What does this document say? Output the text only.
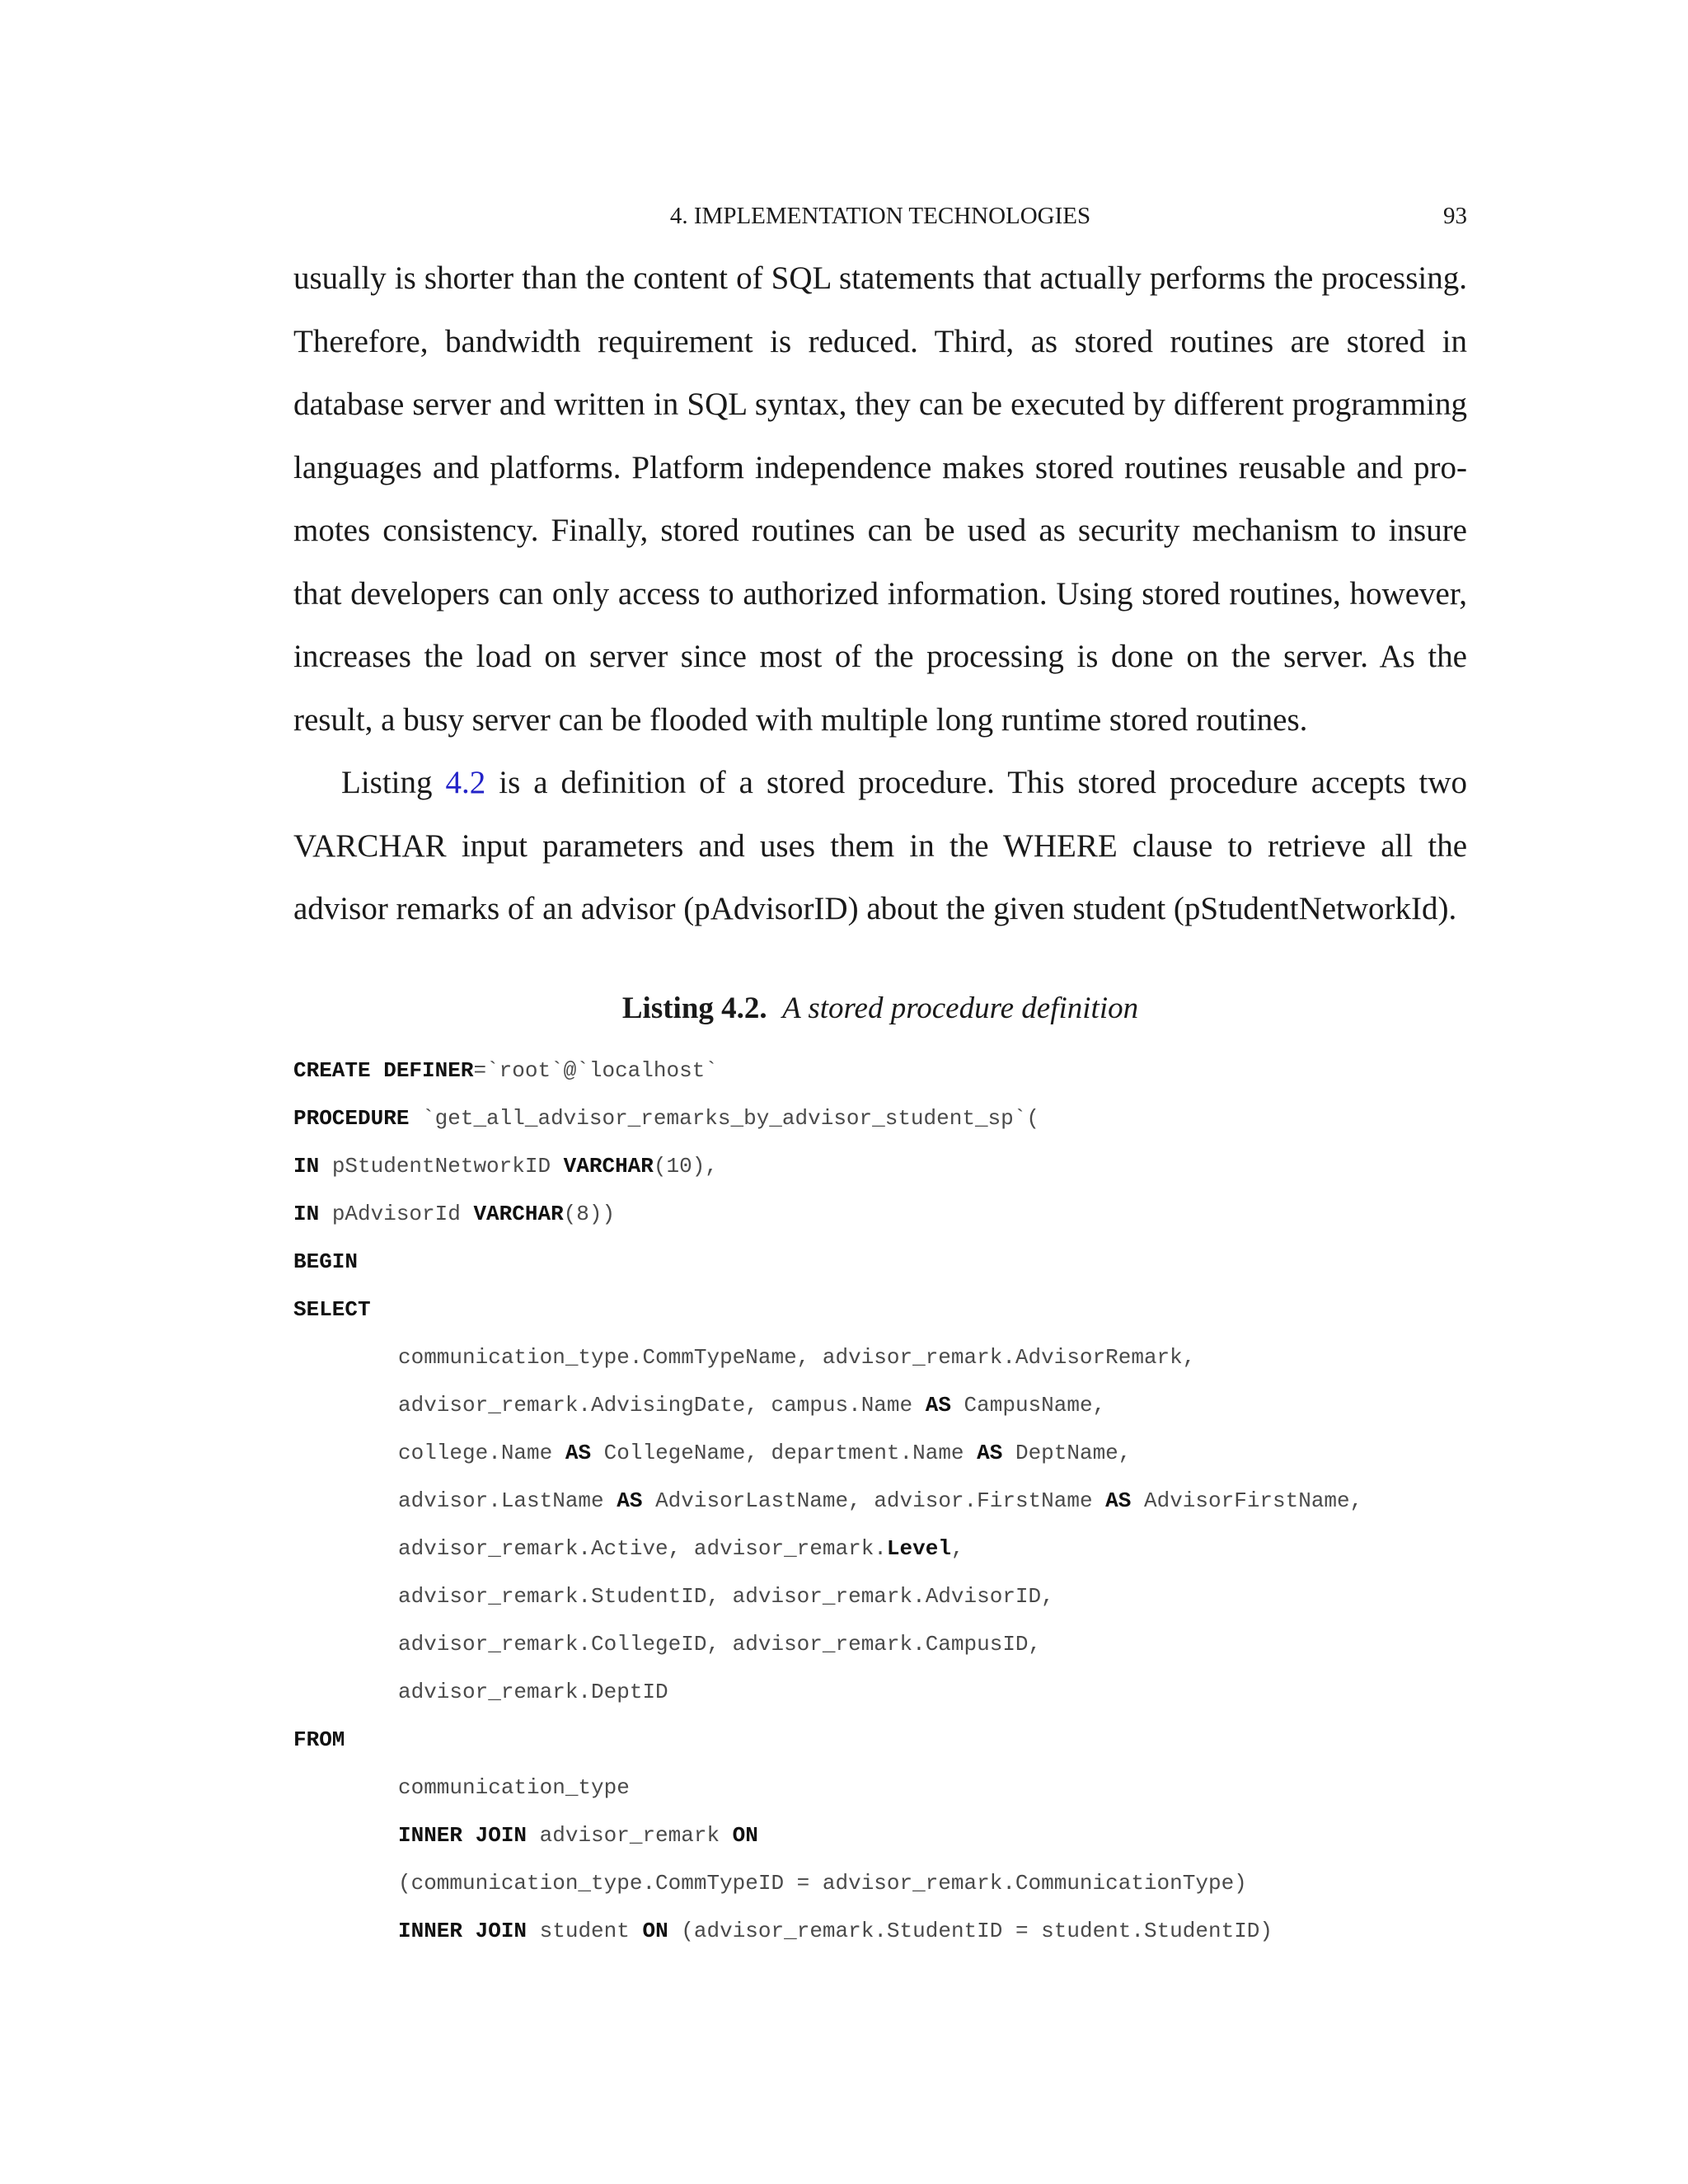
4. IMPLEMENTATION TECHNOLOGIES	93

usually is shorter than the content of SQL statements that actually performs the processing. Therefore, bandwidth requirement is reduced. Third, as stored routines are stored in database server and written in SQL syntax, they can be executed by different programming languages and platforms. Platform independence makes stored routines reusable and promotes consistency. Finally, stored routines can be used as security mechanism to insure that developers can only access to authorized information. Using stored routines, however, increases the load on server since most of the processing is done on the server. As the result, a busy server can be flooded with multiple long runtime stored routines.

Listing 4.2 is a definition of a stored procedure. This stored procedure accepts two VARCHAR input parameters and uses them in the WHERE clause to retrieve all the advisor remarks of an advisor (pAdvisorID) about the given student (pStudentNetworkId).

Listing 4.2. A stored procedure definition
CREATE DEFINER=`root`@`localhost`
PROCEDURE `get_all_advisor_remarks_by_advisor_student_sp`(
IN pStudentNetworkID VARCHAR(10),
IN pAdvisorId VARCHAR(8))
BEGIN
SELECT
communication_type.CommTypeName, advisor_remark.AdvisorRemark,
advisor_remark.AdvisingDate, campus.Name AS CampusName,
college.Name AS CollegeName, department.Name AS DeptName,
advisor.LastName AS AdvisorLastName, advisor.FirstName AS AdvisorFirstName,
advisor_remark.Active, advisor_remark.Level,
advisor_remark.StudentID, advisor_remark.AdvisorID,
advisor_remark.CollegeID, advisor_remark.CampusID,
advisor_remark.DeptID
FROM
communication_type
INNER JOIN advisor_remark ON
(communication_type.CommTypeID = advisor_remark.CommunicationType)
INNER JOIN student ON (advisor_remark.StudentID = student.StudentID)
